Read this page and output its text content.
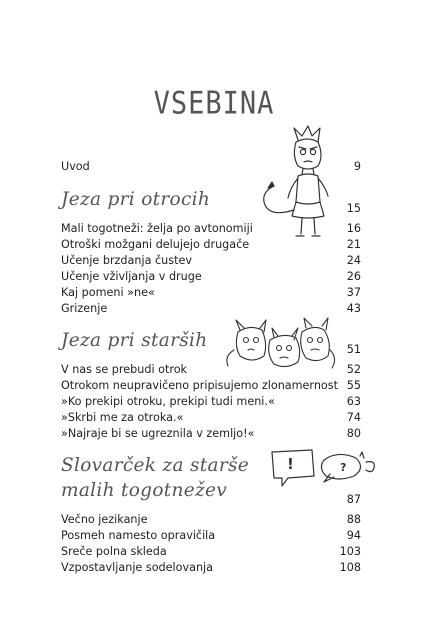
VSEBINA
Uvod	9
Jeza pri otrocih	15
Mali togotneži: želja po avtonomiji	16
Otroški možgani delujejo drugače	21
Učenje brzdanja čustev	24
Učenje vživljanja v druge	26
Kaj pomeni »ne«	37
Grizenje	43
Jeza pri starših	51
V nas se prebudi otrok	52
Otrokom neupravičeno pripisujemo zlonamernost 55
»Ko prekipi otroku, prekipi tudi meni.«	63
»Skrbi me za otroka.«	74
»Najraje bi se ugreznila v zemljo!«	80
Slovarček za starše
malih togotnežev	87
Večno jezikanje	88
Posmeh namesto opravičila	94
Sreče polna skleda	103
Vzpostavljanje sodelovanja	108
!	?
